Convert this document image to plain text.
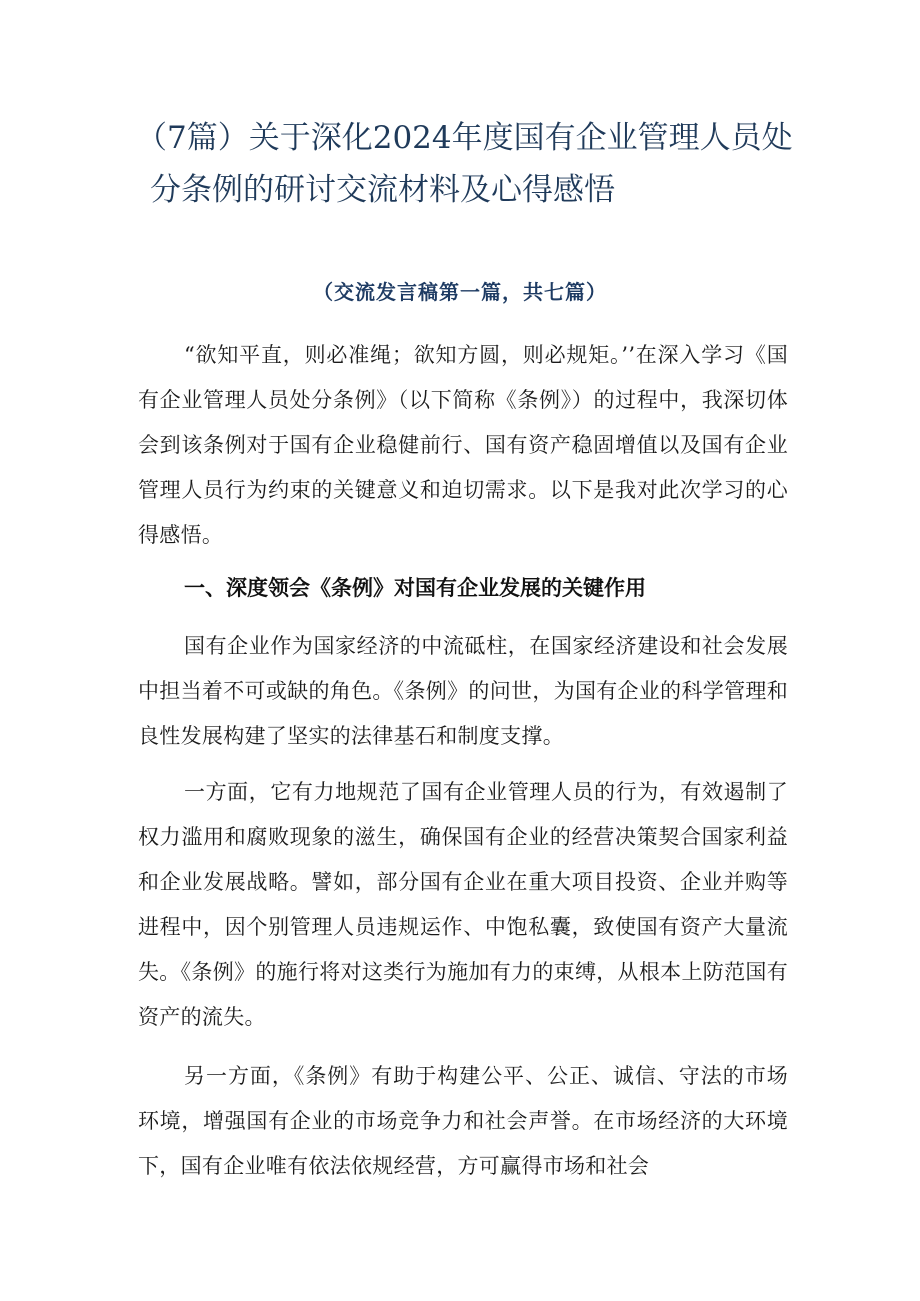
（7篇）关于深化2024年度国有企业管理人员处分条例的研讨交流材料及心得感悟
（交流发言稿第一篇，共七篇）

“欲知平直，则必准绳；欲知方圆，则必规矩。’’在深入学习《国有企业管理人员处分条例》（以下简称《条例》）的过程中，我深切体会到该条例对于国有企业稳健前行、国有资产稳固增值以及国有企业管理人员行为约束的关键意义和迫切需求。以下是我对此次学习的心得感悟。

一、深度领会《条例》对国有企业发展的关键作用

国有企业作为国家经济的中流砥柱，在国家经济建设和社会发展中担当着不可或缺的角色。《条例》的问世，为国有企业的科学管理和良性发展构建了坚实的法律基石和制度支撑。

一方面，它有力地规范了国有企业管理人员的行为，有效遏制了权力滥用和腐败现象的滋生，确保国有企业的经营决策契合国家利益和企业发展战略。譬如，部分国有企业在重大项目投资、企业并购等进程中，因个别管理人员违规运作、中饱私囊，致使国有资产大量流失。《条例》的施行将对这类行为施加有力的束缚，从根本上防范国有资产的流失。

另一方面，《条例》有助于构建公平、公正、诚信、守法的市场环境，增强国有企业的市场竞争力和社会声誉。在市场经济的大环境下，国有企业唯有依法依规经营，方可赢得市场和社会
